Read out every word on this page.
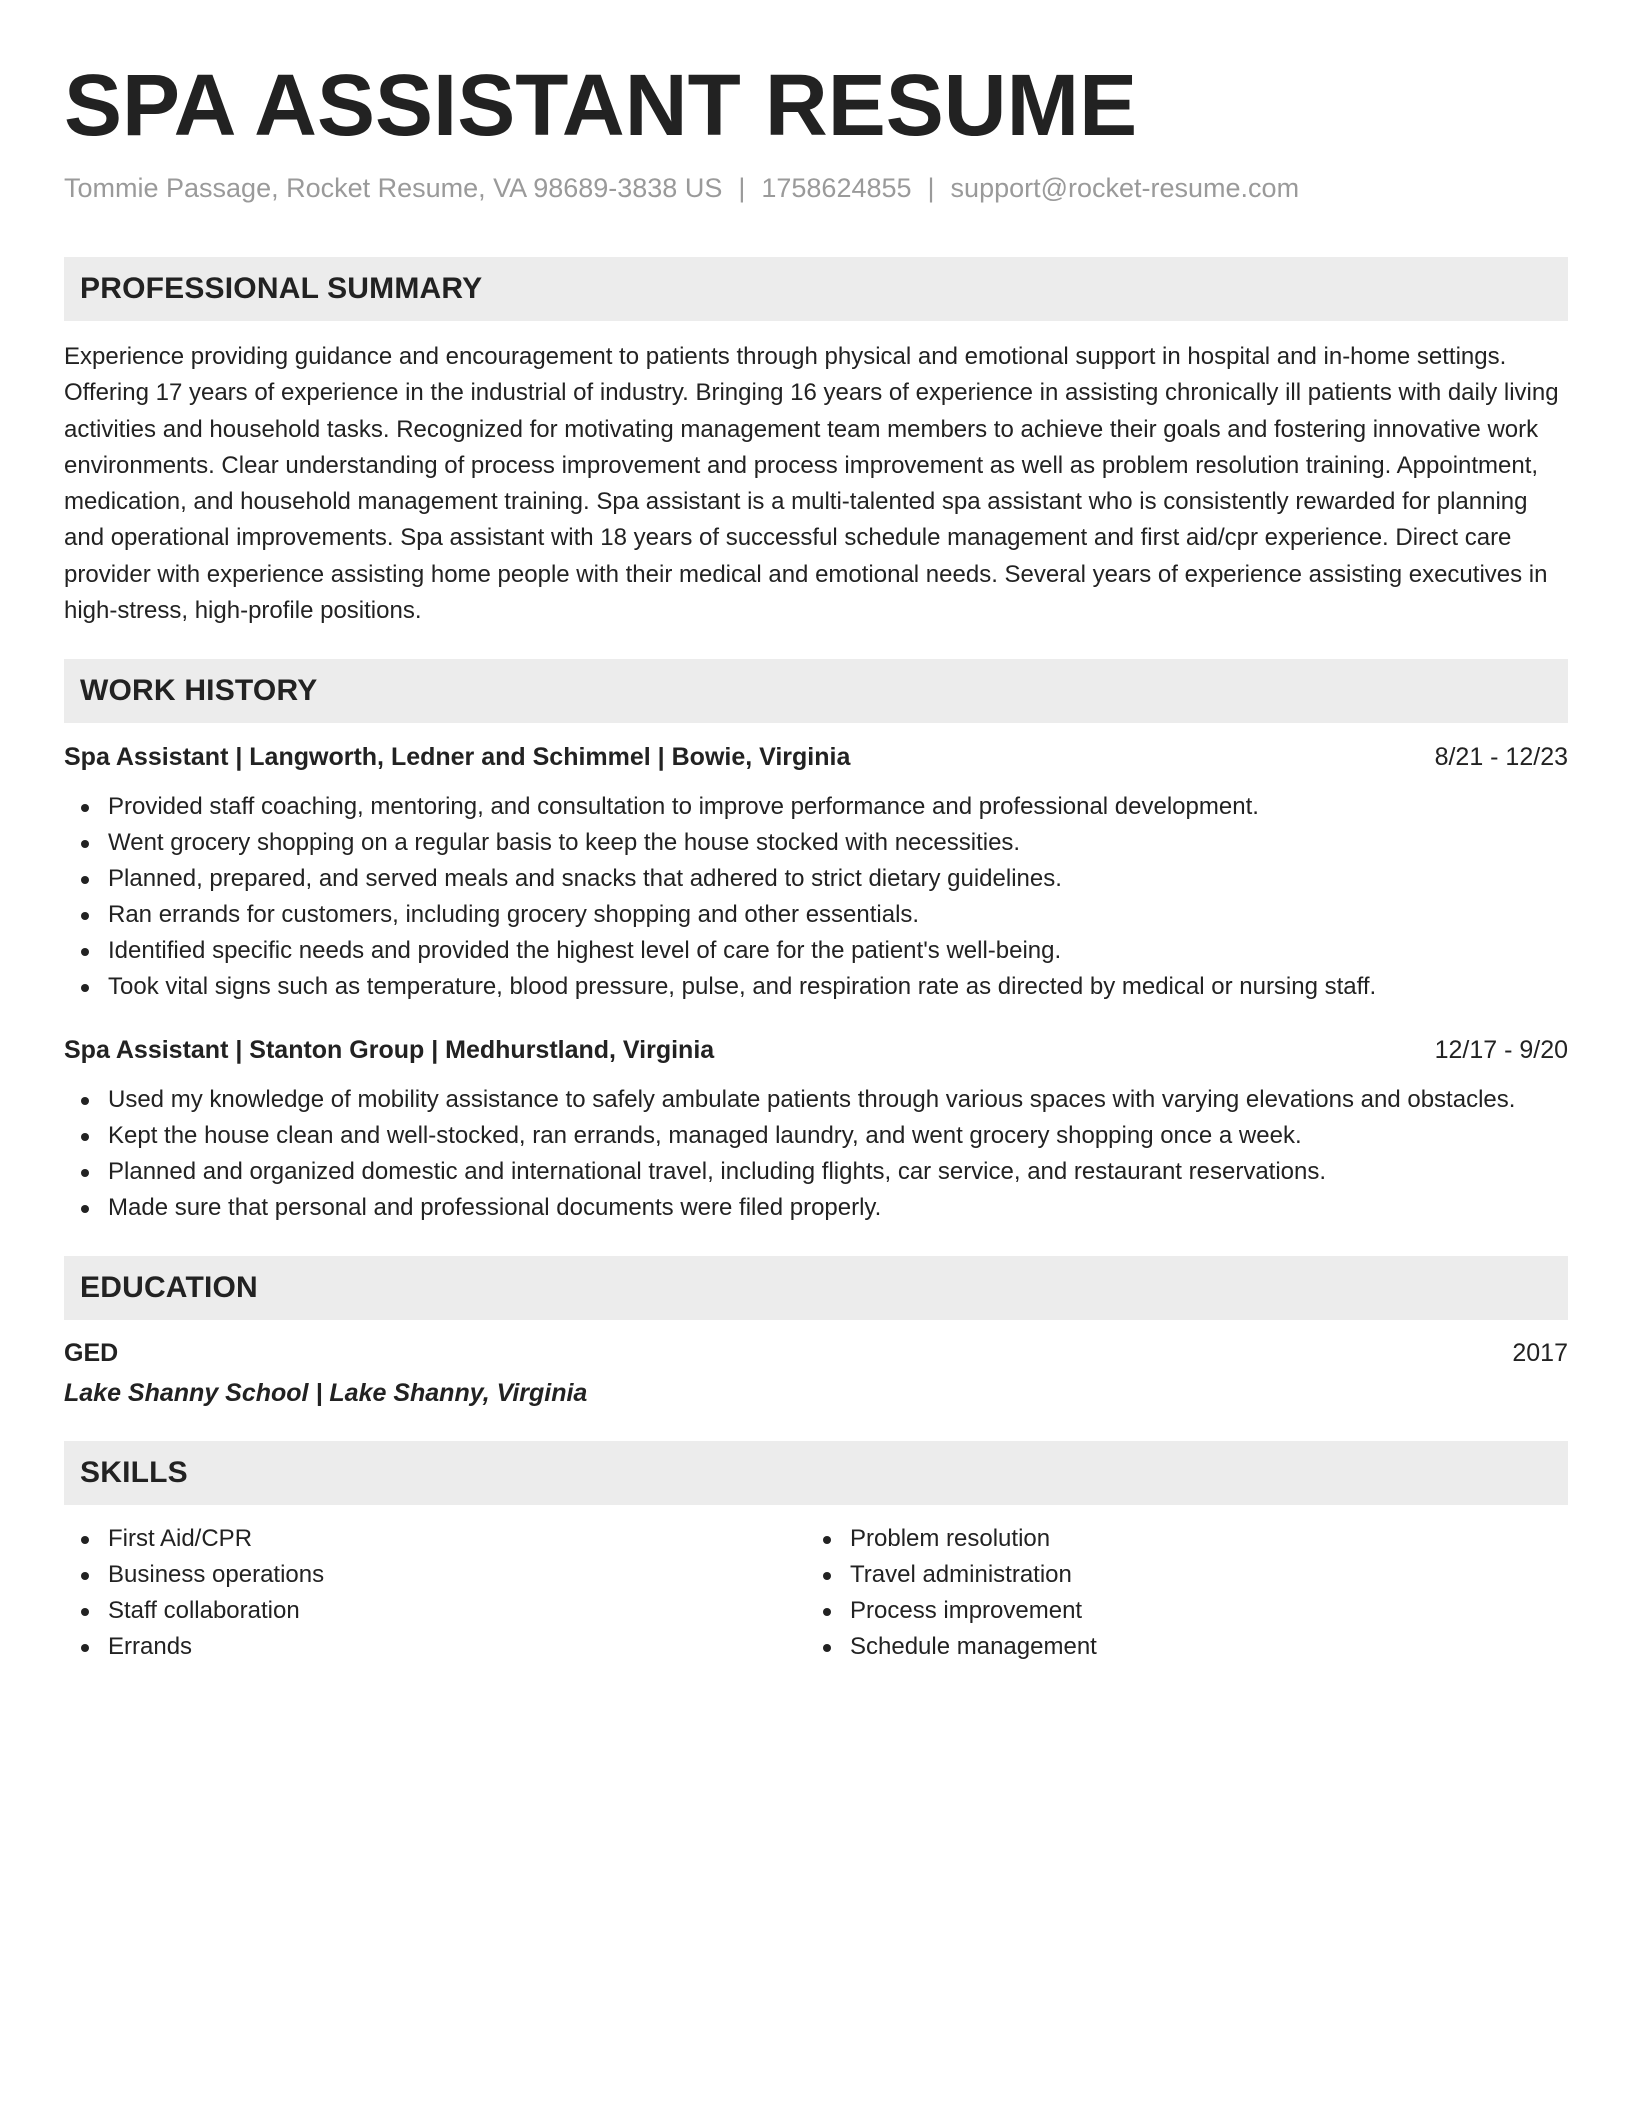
SPA ASSISTANT RESUME
Tommie Passage, Rocket Resume, VA 98689-3838 US | 1758624855 | support@rocket-resume.com
PROFESSIONAL SUMMARY

Experience providing guidance and encouragement to patients through physical and emotional support in hospital and in-home settings. Offering 17 years of experience in the industrial of industry. Bringing 16 years of experience in assisting chronically ill patients with daily living activities and household tasks. Recognized for motivating management team members to achieve their goals and fostering innovative work environments. Clear understanding of process improvement and process improvement as well as problem resolution training. Appointment, medication, and household management training. Spa assistant is a multi-talented spa assistant who is consistently rewarded for planning and operational improvements. Spa assistant with 18 years of successful schedule management and first aid/cpr experience. Direct care provider with experience assisting home people with their medical and emotional needs. Several years of experience assisting executives in high-stress, high-profile positions.

WORK HISTORY
Spa Assistant | Langworth, Ledner and Schimmel | Bowie, Virginia	8/21 - 12/23
Provided staff coaching, mentoring, and consultation to improve performance and professional development.
Went grocery shopping on a regular basis to keep the house stocked with necessities.
Planned, prepared, and served meals and snacks that adhered to strict dietary guidelines.
Ran errands for customers, including grocery shopping and other essentials.
Identified specific needs and provided the highest level of care for the patient's well-being.
Took vital signs such as temperature, blood pressure, pulse, and respiration rate as directed by medical or nursing staff.
Spa Assistant | Stanton Group | Medhurstland, Virginia	12/17 - 9/20
Used my knowledge of mobility assistance to safely ambulate patients through various spaces with varying elevations and obstacles.
Kept the house clean and well-stocked, ran errands, managed laundry, and went grocery shopping once a week.
Planned and organized domestic and international travel, including flights, car service, and restaurant reservations.
Made sure that personal and professional documents were filed properly.
EDUCATION
GED	2017
Lake Shanny School | Lake Shanny, Virginia
SKILLS
First Aid/CPR
Business operations
Staff collaboration
Errands
Problem resolution
Travel administration
Process improvement
Schedule management
